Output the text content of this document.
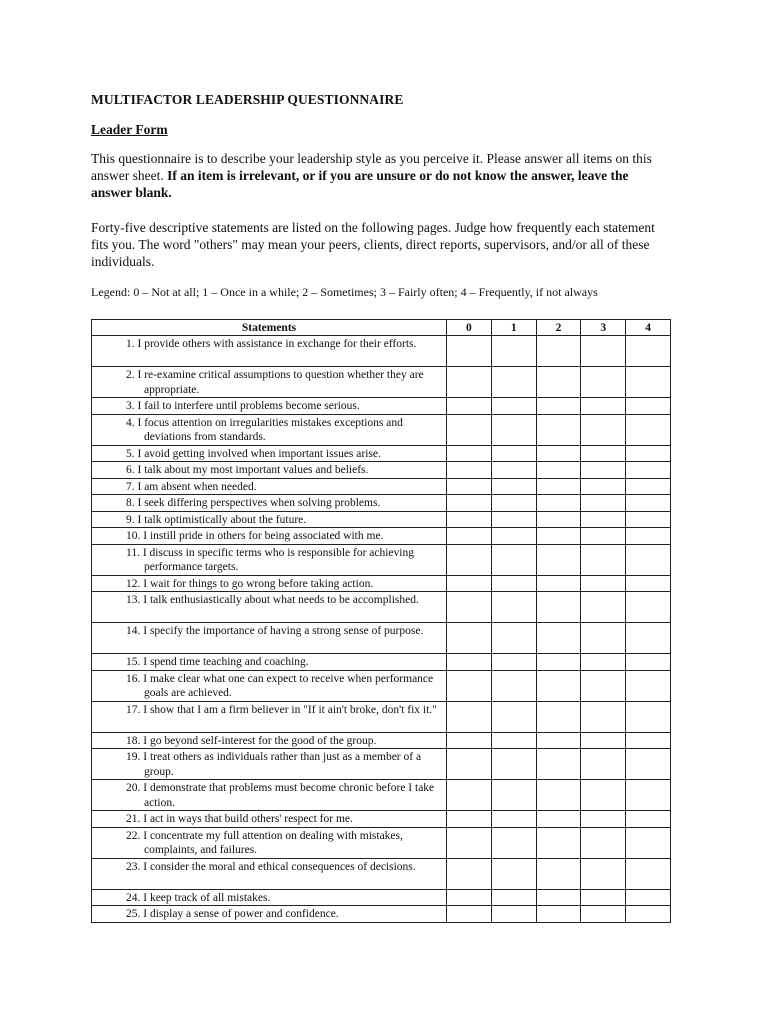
MULTIFACTOR LEADERSHIP QUESTIONNAIRE
Leader Form
This questionnaire is to describe your leadership style as you perceive it. Please answer all items on this answer sheet. If an item is irrelevant, or if you are unsure or do not know the answer, leave the answer blank.
Forty-five descriptive statements are listed on the following pages. Judge how frequently each statement fits you. The word "others" may mean your peers, clients, direct reports, supervisors, and/or all of these individuals.
Legend: 0 – Not at all; 1 – Once in a while; 2 – Sometimes; 3 – Fairly often; 4 – Frequently, if not always
Statements	0	1	2	3	4

1. I provide others with assistance in exchange for their efforts.					

2. I re-examine critical assumptions to question whether they are appropriate.					

3. I fail to interfere until problems become serious.					

4. I focus attention on irregularities mistakes exceptions and deviations from standards.					

5. I avoid getting involved when important issues arise.					

6. I talk about my most important values and beliefs.					

7. I am absent when needed.					

8. I seek differing perspectives when solving problems.					

9. I talk optimistically about the future.					

10. I instill pride in others for being associated with me.					

11. I discuss in specific terms who is responsible for achieving performance targets.					

12. I wait for things to go wrong before taking action.					

13. I talk enthusiastically about what needs to be accomplished.					

14. I specify the importance of having a strong sense of purpose.					

15. I spend time teaching and coaching.					

16. I make clear what one can expect to receive when performance goals are achieved.					

17. I show that I am a firm believer in "If it ain't broke, don't fix it."					

18. I go beyond self-interest for the good of the group.					

19. I treat others as individuals rather than just as a member of a group.					

20. I demonstrate that problems must become chronic before I take action.					

21. I act in ways that build others' respect for me.					

22. I concentrate my full attention on dealing with mistakes, complaints, and failures.					

23. I consider the moral and ethical consequences of decisions.					

24. I keep track of all mistakes.					

25. I display a sense of power and confidence.					
